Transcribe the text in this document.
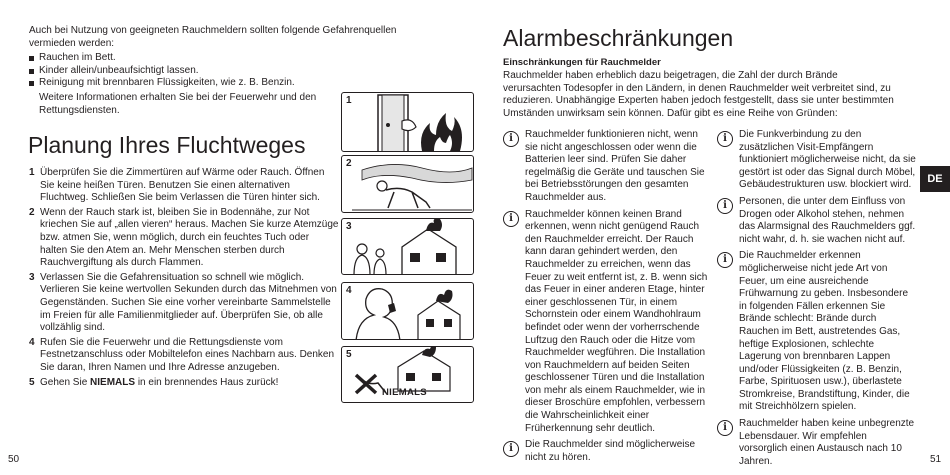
Auch bei Nutzung von geeigneten Rauchmeldern sollten folgende Gefahrenquellen vermieden werden:

Rauchen im Bett.
Kinder allein/unbeaufsichtigt lassen.
Reinigung mit brennbaren Flüssigkeiten, wie z. B. Benzin.

Weitere Informationen erhalten Sie bei der Feuerwehr und den Rettungsdiensten.

Planung Ihres Fluchtweges
1 Überprüfen Sie die Zimmertüren auf Wärme oder Rauch. Öffnen Sie keine heißen Türen. Benutzen Sie einen alternativen Fluchtweg. Schließen Sie beim Verlassen die Türen hinter sich.
2 Wenn der Rauch stark ist, bleiben Sie in Bodennähe, zur Not kriechen Sie auf „allen vieren“ heraus. Machen Sie kurze Atemzüge bzw. atmen Sie, wenn möglich, durch ein feuchtes Tuch oder halten Sie den Atem an. Mehr Menschen sterben durch Rauchvergiftung als durch Flammen.
3 Verlassen Sie die Gefahrensituation so schnell wie möglich. Verlieren Sie keine wertvollen Sekunden durch das Mitnehmen von Gegenständen. Suchen Sie eine vorher vereinbarte Sammelstelle im Freien für alle Familienmitglieder auf. Überprüfen Sie, ob alle vollzählig sind.
4 Rufen Sie die Feuerwehr und die Rettungsdienste vom Festnetzanschluss oder Mobiltelefon eines Nachbarn aus. Denken Sie daran, Ihren Namen und Ihre Adresse anzugeben.
5 Gehen Sie NIEMALS in ein brennendes Haus zurück!
1
2
3
4
5
NIEMALS
50
Alarmbeschränkungen
Einschränkungen für Rauchmelder

Rauchmelder haben erheblich dazu beigetragen, die Zahl der durch Brände verursachten Todesopfer in den Ländern, in denen Rauchmelder weit verbreitet sind, zu reduzieren. Unabhängige Experten haben jedoch festgestellt, dass sie unter bestimmten Umständen unwirksam sein können. Dafür gibt es eine Reihe von Gründen:

i	Rauchmelder funktionieren nicht, wenn sie nicht angeschlossen oder wenn die Batterien leer sind. Prüfen Sie daher regelmäßig die Geräte und tauschen Sie bei Betriebsstörungen den gesamten Rauchmelder aus.
i	Rauchmelder können keinen Brand erkennen, wenn nicht genügend Rauch den Rauchmelder erreicht. Der Rauch kann daran gehindert werden, den Rauchmelder zu erreichen, wenn das Feuer zu weit entfernt ist, z. B. wenn sich das Feuer in einer anderen Etage, hinter einer geschlossenen Tür, in einem Schornstein oder einem Wandhohlraum befindet oder wenn der vorherrschende Luftzug den Rauch oder die Hitze vom Rauchmelder wegführen. Die Installation von Rauchmeldern auf beiden Seiten geschlossener Türen und die Installation von mehr als einem Rauchmelder, wie in dieser Broschüre empfohlen, verbessern die Wahrscheinlichkeit einer Früherkennung sehr deutlich.
i	Die Rauchmelder sind möglicherweise nicht zu hören.
i	Die Funkverbindung zu den zusätzlichen Visit-Empfängern funktioniert möglicherweise nicht, da sie gestört ist oder das Signal durch Möbel, Gebäudestrukturen usw. blockiert wird.
i	Personen, die unter dem Einfluss von Drogen oder Alkohol stehen, nehmen das Alarmsignal des Rauchmelders ggf. nicht wahr, d. h. sie wachen nicht auf.
i	Die Rauchmelder erkennen möglicherweise nicht jede Art von Feuer, um eine ausreichende Frühwarnung zu geben. Insbesondere in folgenden Fällen erkennen Sie Brände schlecht: Brände durch Rauchen im Bett, austretendes Gas, heftige Explosionen, schlechte Lagerung von brennbaren Lappen und/oder Flüssigkeiten (z. B. Benzin, Farbe, Spirituosen usw.), überlastete Stromkreise, Brandstiftung, Kinder, die mit Streichhölzern spielen.
i	Rauchmelder haben keine unbegrenzte Lebensdauer. Wir empfehlen vorsorglich einen Austausch nach 10 Jahren.
DE
51
